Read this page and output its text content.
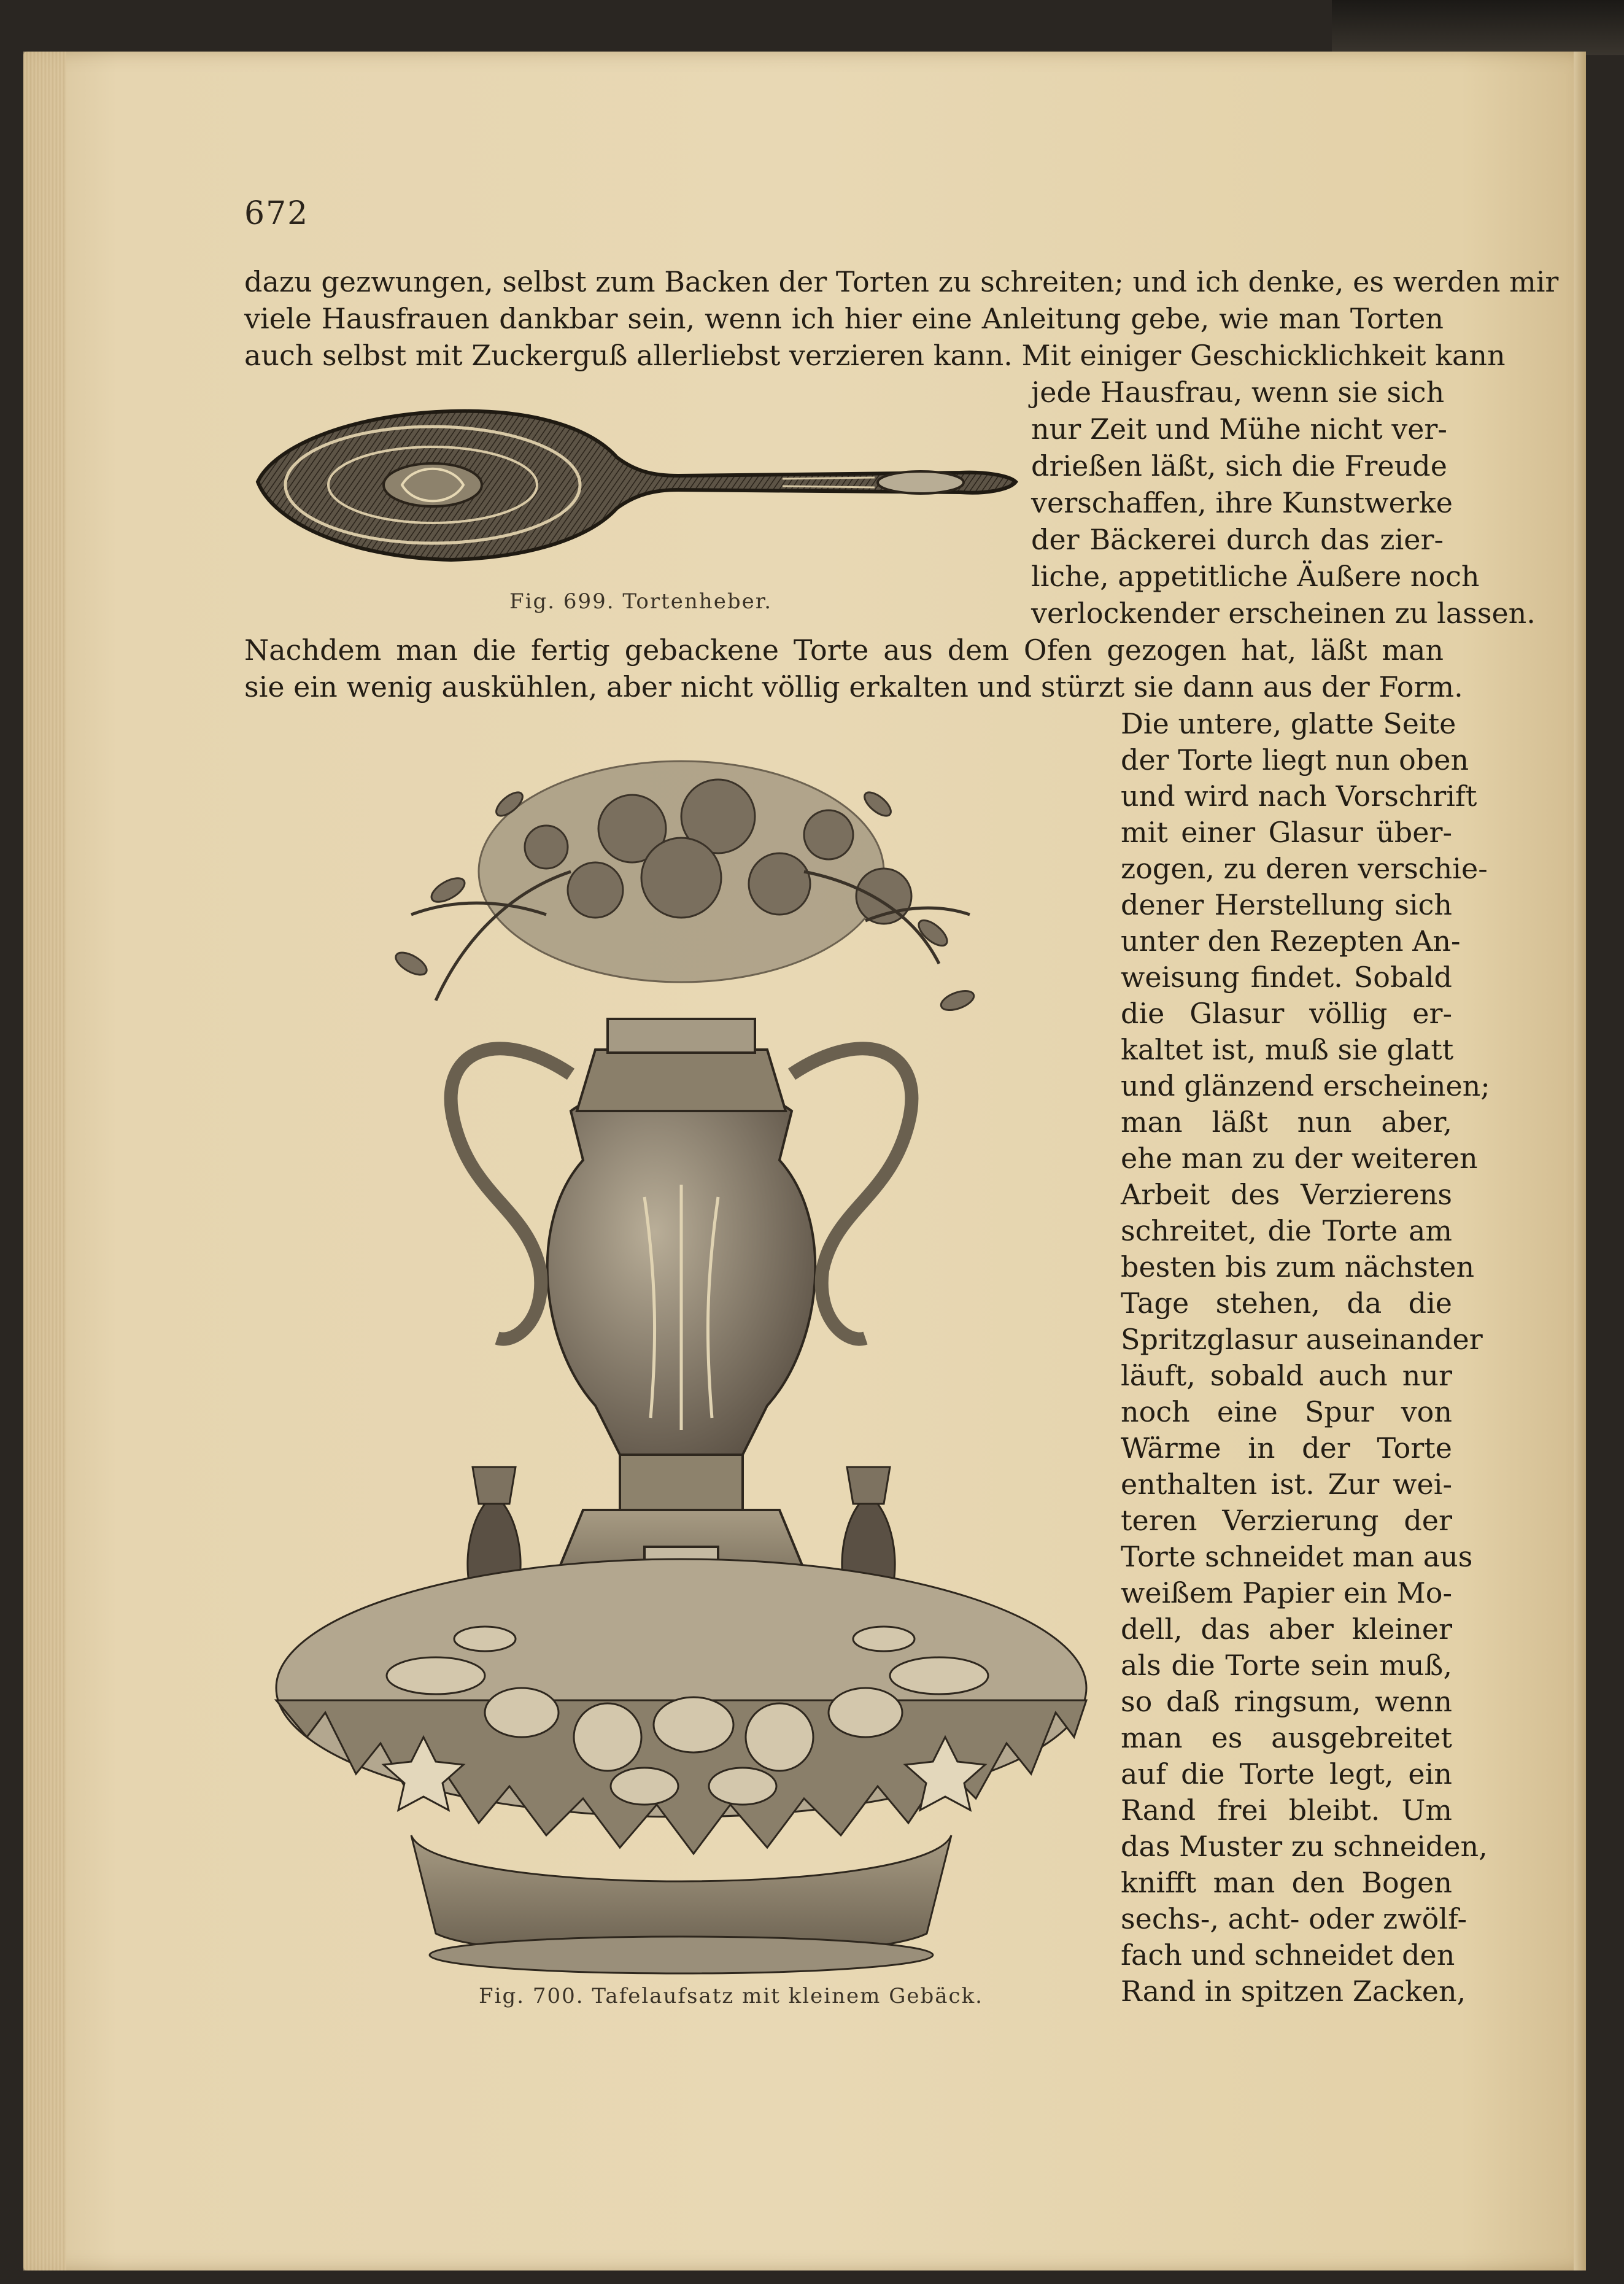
672
dazu gezwungen, selbst zum Backen der Torten zu schreiten; und ich denke, es werden mir
viele Hausfrauen dankbar sein, wenn ich hier eine Anleitung gebe, wie man Torten
auch selbst mit Zuckerguß allerliebst verzieren kann. Mit einiger Geschicklichkeit kann
jede Hausfrau, wenn sie sich
nur Zeit und Mühe nicht ver-
drießen läßt, sich die Freude
verschaffen, ihre Kunstwerke
der Bäckerei durch das zier-
liche, appetitliche Äußere noch
verlockender erscheinen zu lassen.
Fig. 699. Tortenheber.
Nachdem man die fertig gebackene Torte aus dem Ofen gezogen hat, läßt man
sie ein wenig auskühlen, aber nicht völlig erkalten und stürzt sie dann aus der Form.
Die untere, glatte Seite
der Torte liegt nun oben
und wird nach Vorschrift
mit einer Glasur über-
zogen, zu deren verschie-
dener Herstellung sich
unter den Rezepten An-
weisung findet. Sobald
die Glasur völlig er-
kaltet ist, muß sie glatt
und glänzend erscheinen;
man läßt nun aber,
ehe man zu der weiteren
Arbeit des Verzierens
schreitet, die Torte am
besten bis zum nächsten
Tage stehen, da die
Spritzglasur auseinander
läuft, sobald auch nur
noch eine Spur von
Wärme in der Torte
enthalten ist. Zur wei-
teren Verzierung der
Torte schneidet man aus
weißem Papier ein Mo-
dell, das aber kleiner
als die Torte sein muß,
so daß ringsum, wenn
man es ausgebreitet
auf die Torte legt, ein
Rand frei bleibt. Um
das Muster zu schneiden,
knifft man den Bogen
sechs-, acht- oder zwölf-
fach und schneidet den
Rand in spitzen Zacken,
Fig. 700. Tafelaufsatz mit kleinem Gebäck.
